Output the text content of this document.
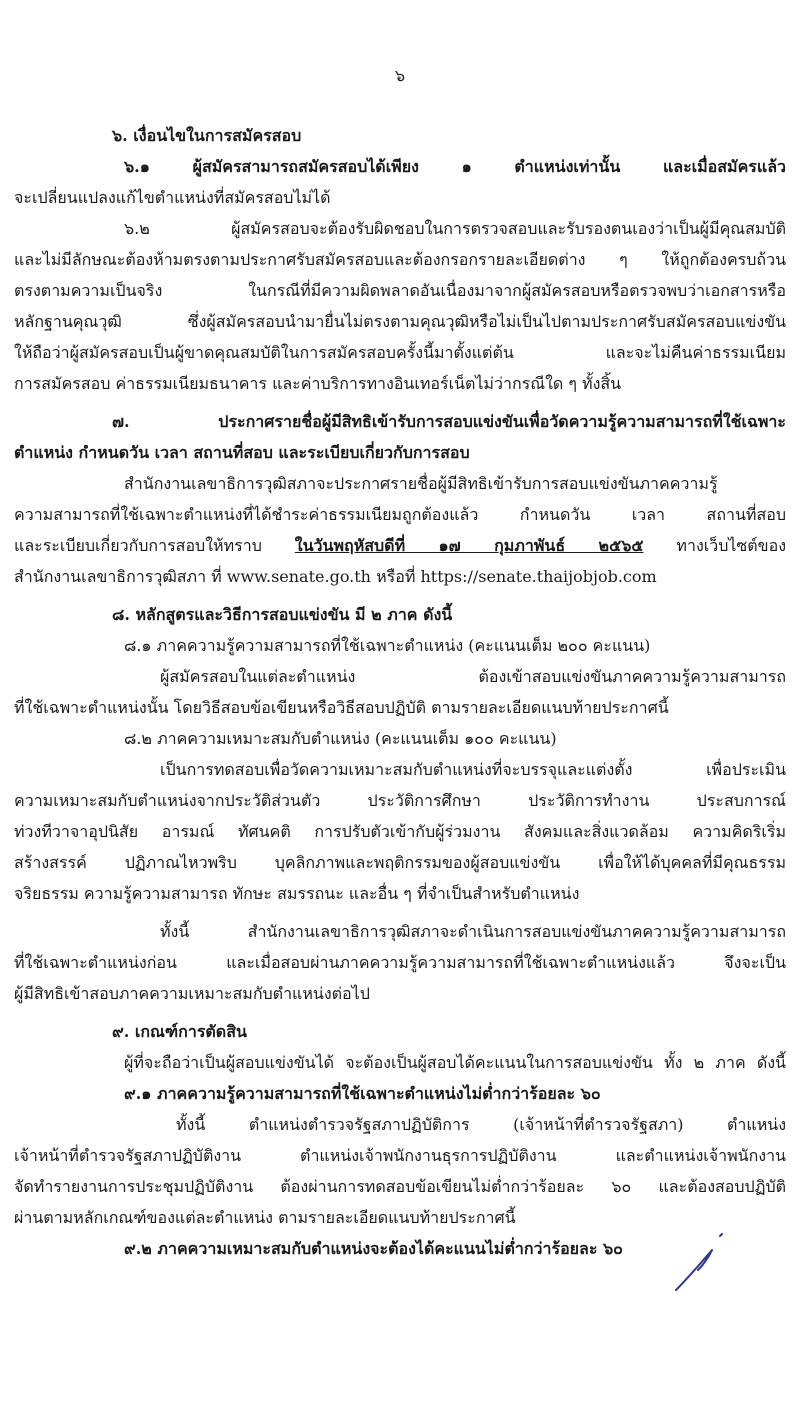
๖
๖. เงื่อนไขในการสมัครสอบ
๖.๑ ผู้สมัครสามารถสมัครสอบได้เพียง ๑ ตำแหน่งเท่านั้น และเมื่อสมัครแล้ว
จะเปลี่ยนแปลงแก้ไขตำแหน่งที่สมัครสอบไม่ได้
๖.๒ ผู้สมัครสอบจะต้องรับผิดชอบในการตรวจสอบและรับรองตนเองว่าเป็นผู้มีคุณสมบัติ
และไม่มีลักษณะต้องห้ามตรงตามประกาศรับสมัครสอบและต้องกรอกรายละเอียดต่าง ๆ ให้ถูกต้องครบถ้วน
ตรงตามความเป็นจริง ในกรณีที่มีความผิดพลาดอันเนื่องมาจากผู้สมัครสอบหรือตรวจพบว่าเอกสารหรือ
หลักฐานคุณวุฒิ ซึ่งผู้สมัครสอบนำมายื่นไม่ตรงตามคุณวุฒิหรือไม่เป็นไปตามประกาศรับสมัครสอบแข่งขัน
ให้ถือว่าผู้สมัครสอบเป็นผู้ขาดคุณสมบัติในการสมัครสอบครั้งนี้มาตั้งแต่ต้น และจะไม่คืนค่าธรรมเนียม
การสมัครสอบ ค่าธรรมเนียมธนาคาร และค่าบริการทางอินเทอร์เน็ตไม่ว่ากรณีใด ๆ ทั้งสิ้น
๗. ประกาศรายชื่อผู้มีสิทธิเข้ารับการสอบแข่งขันเพื่อวัดความรู้ความสามารถที่ใช้เฉพาะ
ตำแหน่ง กำหนดวัน เวลา สถานที่สอบ และระเบียบเกี่ยวกับการสอบ
สำนักงานเลขาธิการวุฒิสภาจะประกาศรายชื่อผู้มีสิทธิเข้ารับการสอบแข่งขันภาคความรู้
ความสามารถที่ใช้เฉพาะตำแหน่งที่ได้ชำระค่าธรรมเนียมถูกต้องแล้ว กำหนดวัน เวลา สถานที่สอบ
และระเบียบเกี่ยวกับการสอบให้ทราบ ในวันพฤหัสบดีที่ ๑๗ กุมภาพันธ์ ๒๕๖๕ ทางเว็บไซต์ของ
สำนักงานเลขาธิการวุฒิสภา ที่ www.senate.go.th หรือที่ https://senate.thaijobjob.com
๘. หลักสูตรและวิธีการสอบแข่งขัน มี ๒ ภาค ดังนี้
๘.๑ ภาคความรู้ความสามารถที่ใช้เฉพาะตำแหน่ง (คะแนนเต็ม ๒๐๐ คะแนน)
ผู้สมัครสอบในแต่ละตำแหน่ง ต้องเข้าสอบแข่งขันภาคความรู้ความสามารถ
ที่ใช้เฉพาะตำแหน่งนั้น โดยวิธีสอบข้อเขียนหรือวิธีสอบปฏิบัติ ตามรายละเอียดแนบท้ายประกาศนี้
๘.๒ ภาคความเหมาะสมกับตำแหน่ง (คะแนนเต็ม ๑๐๐ คะแนน)
เป็นการทดสอบเพื่อวัดความเหมาะสมกับตำแหน่งที่จะบรรจุและแต่งตั้ง เพื่อประเมิน
ความเหมาะสมกับตำแหน่งจากประวัติส่วนตัว ประวัติการศึกษา ประวัติการทำงาน ประสบการณ์
ท่วงทีวาจาอุปนิสัย อารมณ์ ทัศนคติ การปรับตัวเข้ากับผู้ร่วมงาน สังคมและสิ่งแวดล้อม ความคิดริเริ่ม
สร้างสรรค์ ปฏิภาณไหวพริบ บุคลิกภาพและพฤติกรรมของผู้สอบแข่งขัน เพื่อให้ได้บุคคลที่มีคุณธรรม
จริยธรรม ความรู้ความสามารถ ทักษะ สมรรถนะ และอื่น ๆ ที่จำเป็นสำหรับตำแหน่ง
ทั้งนี้ สำนักงานเลขาธิการวุฒิสภาจะดำเนินการสอบแข่งขันภาคความรู้ความสามารถ
ที่ใช้เฉพาะตำแหน่งก่อน และเมื่อสอบผ่านภาคความรู้ความสามารถที่ใช้เฉพาะตำแหน่งแล้ว จึงจะเป็น
ผู้มีสิทธิเข้าสอบภาคความเหมาะสมกับตำแหน่งต่อไป
๙. เกณฑ์การตัดสิน
ผู้ที่จะถือว่าเป็นผู้สอบแข่งขันได้ จะต้องเป็นผู้สอบได้คะแนนในการสอบแข่งขัน ทั้ง ๒ ภาค ดังนี้
๙.๑ ภาคความรู้ความสามารถที่ใช้เฉพาะตำแหน่งไม่ต่ำกว่าร้อยละ ๖๐
ทั้งนี้ ตำแหน่งตำรวจรัฐสภาปฏิบัติการ (เจ้าหน้าที่ตำรวจรัฐสภา) ตำแหน่ง
เจ้าหน้าที่ตำรวจรัฐสภาปฏิบัติงาน ตำแหน่งเจ้าพนักงานธุรการปฏิบัติงาน และตำแหน่งเจ้าพนักงาน
จัดทำรายงานการประชุมปฏิบัติงาน ต้องผ่านการทดสอบข้อเขียนไม่ต่ำกว่าร้อยละ ๖๐ และต้องสอบปฏิบัติ
ผ่านตามหลักเกณฑ์ของแต่ละตำแหน่ง ตามรายละเอียดแนบท้ายประกาศนี้
๙.๒ ภาคความเหมาะสมกับตำแหน่งจะต้องได้คะแนนไม่ต่ำกว่าร้อยละ ๖๐
